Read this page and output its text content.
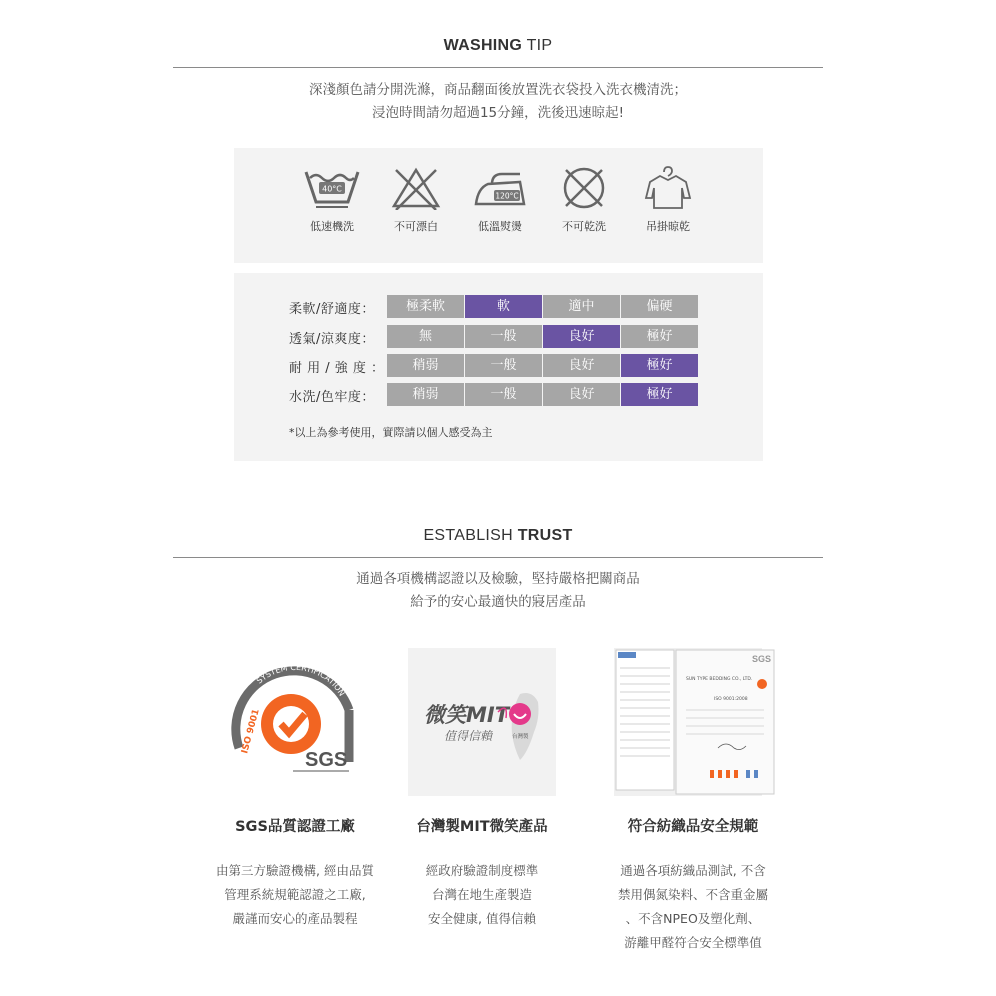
WASHING TIP
深淺顏色請分開洗滌，商品翻面後放置洗衣袋投入洗衣機清洗；
浸泡時間請勿超過15分鐘，洗後迅速晾起!
40°C
低速機洗	不可漂白
120°C
低溫熨燙	不可乾洗	吊掛晾乾
柔軟/舒適度：	極柔軟	軟	適中	偏硬
透氣/涼爽度：	無	一般	良好	極好
耐 用 / 強 度 ：	稍弱	一般	良好	極好
水洗/色牢度：	稍弱	一般	良好	極好
*以上為參考使用，實際請以個人感受為主
ESTABLISH TRUST
通過各項機構認證以及檢驗，堅持嚴格把關商品
給予的安心最適快的寢居產品
SYSTEM CERTIFICATION
ISO 9001
SGS
微笑MIT
值得信賴	台灣製
SGS
SUN TYPE BEDDING CO., LTD.
ISO 9001:2008
SGS品質認證工廠	台灣製MIT微笑產品	符合紡織品安全規範
由第三方驗證機構, 經由品質
管理系統規範認證之工廠,
嚴謹而安心的產品製程
經政府驗證制度標準
台灣在地生產製造
安全健康, 值得信賴
通過各項紡織品測試, 不含
禁用偶氮染料、不含重金屬
、不含NPEO及塑化劑、
游離甲醛符合安全標準值
